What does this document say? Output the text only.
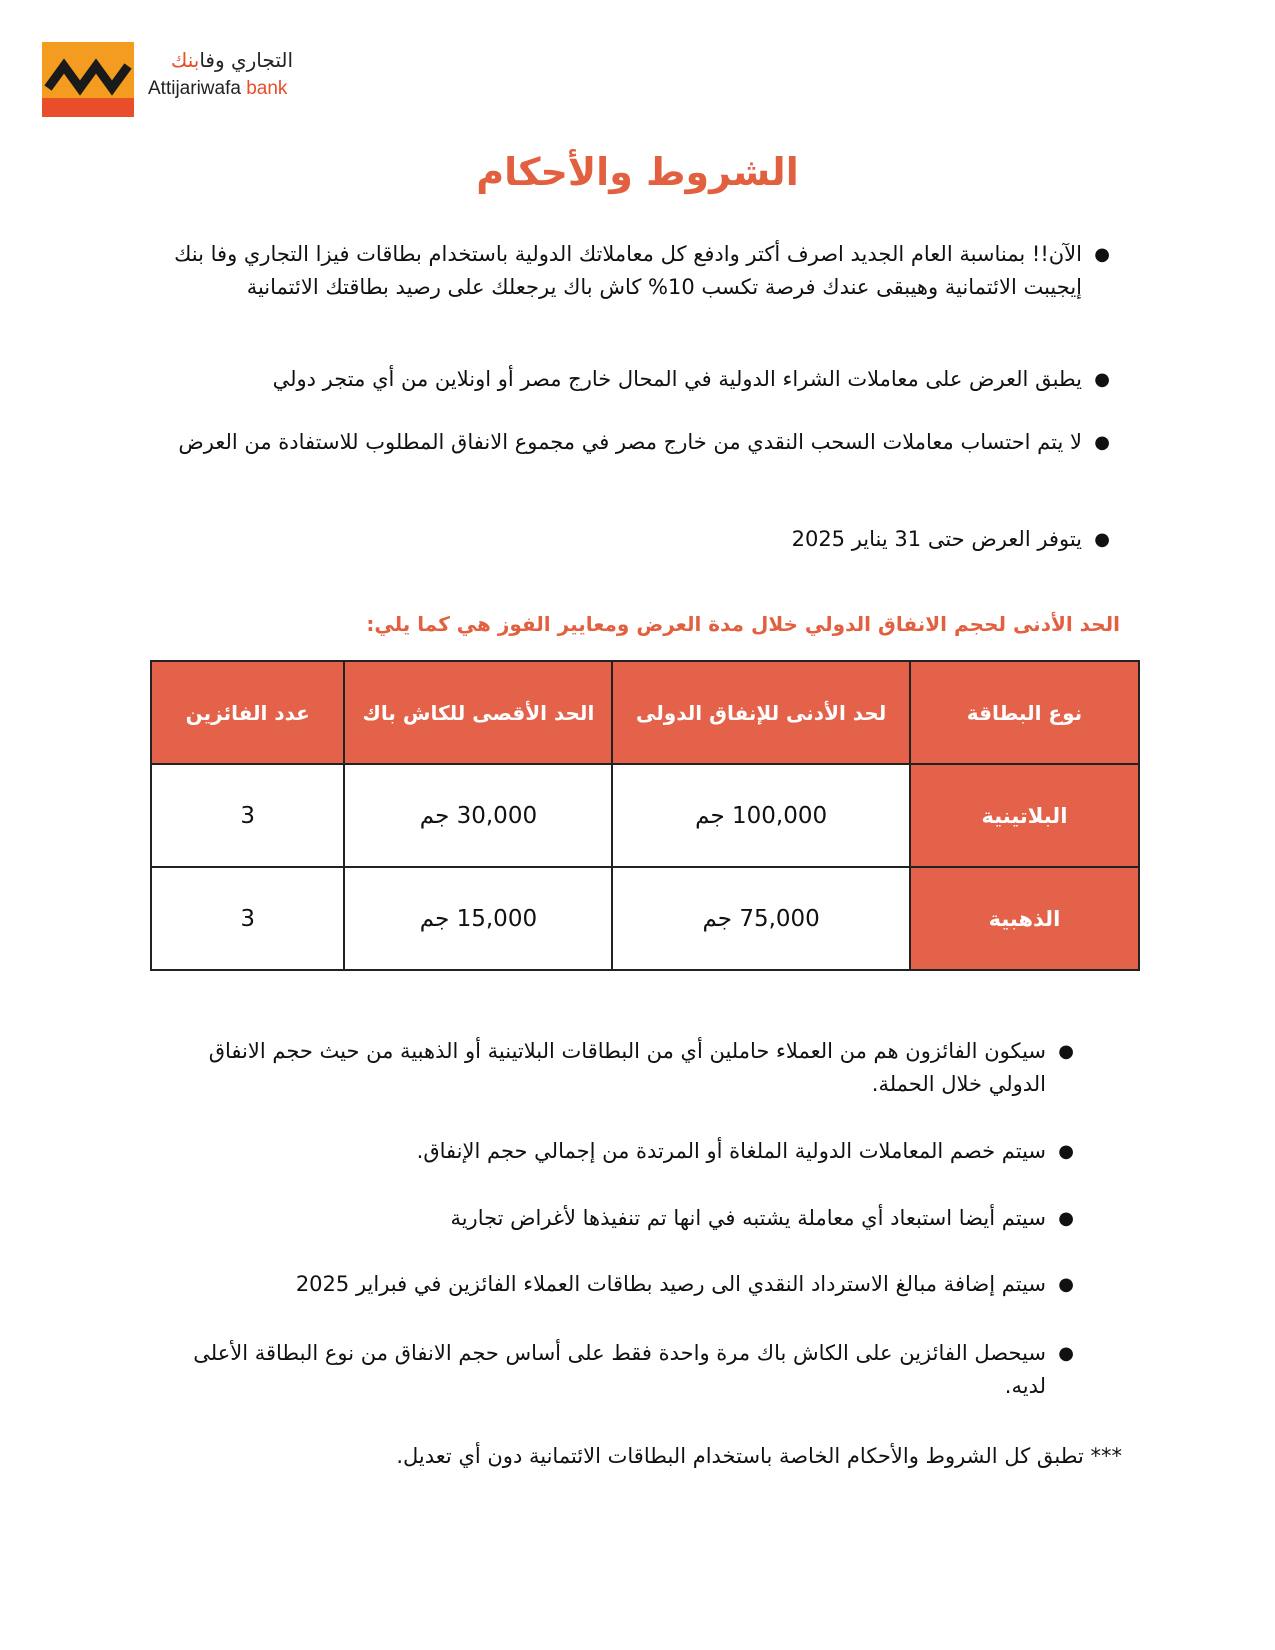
التجاري وفابنك
Attijariwafa bank
الشروط والأحكام
●
الآن!! بمناسبة العام الجديد اصرف أكتر وادفع كل معاملاتك الدولية باستخدام بطاقات فيزا التجاري وفا بنك إيجيبت الائتمانية وهيبقى عندك فرصة تكسب 10% كاش باك يرجعلك على رصيد بطاقتك الائتمانية
●
يطبق العرض على معاملات الشراء الدولية في المحال خارج مصر أو اونلاين من أي متجر دولي
●
لا يتم احتساب معاملات السحب النقدي من خارج مصر في مجموع الانفاق المطلوب للاستفادة من العرض
●
يتوفر العرض حتى 31 يناير 2025
الحد الأدنى لحجم الانفاق الدولي خلال مدة العرض ومعايير الفوز هي كما يلي:
نوع البطاقة	لحد الأدنى للإنفاق الدولى	الحد الأقصى للكاش باك	عدد الفائزين
البلاتينية	100,000 جم	30,000 جم	3
الذهبية	75,000 جم	15,000 جم	3
●
سيكون الفائزون هم من العملاء حاملين أي من البطاقات البلاتينية أو الذهبية من حيث حجم الانفاق الدولي خلال الحملة.
●
سيتم خصم المعاملات الدولية الملغاة أو المرتدة من إجمالي حجم الإنفاق.
●
سيتم أيضا استبعاد أي معاملة يشتبه في انها تم تنفيذها لأغراض تجارية
●
سيتم إضافة مبالغ الاسترداد النقدي الى رصيد بطاقات العملاء الفائزين في فبراير 2025
●
سيحصل الفائزين على الكاش باك مرة واحدة فقط على أساس حجم الانفاق من نوع البطاقة الأعلى لديه.
*** تطبق كل الشروط والأحكام الخاصة باستخدام البطاقات الائتمانية دون أي تعديل.
